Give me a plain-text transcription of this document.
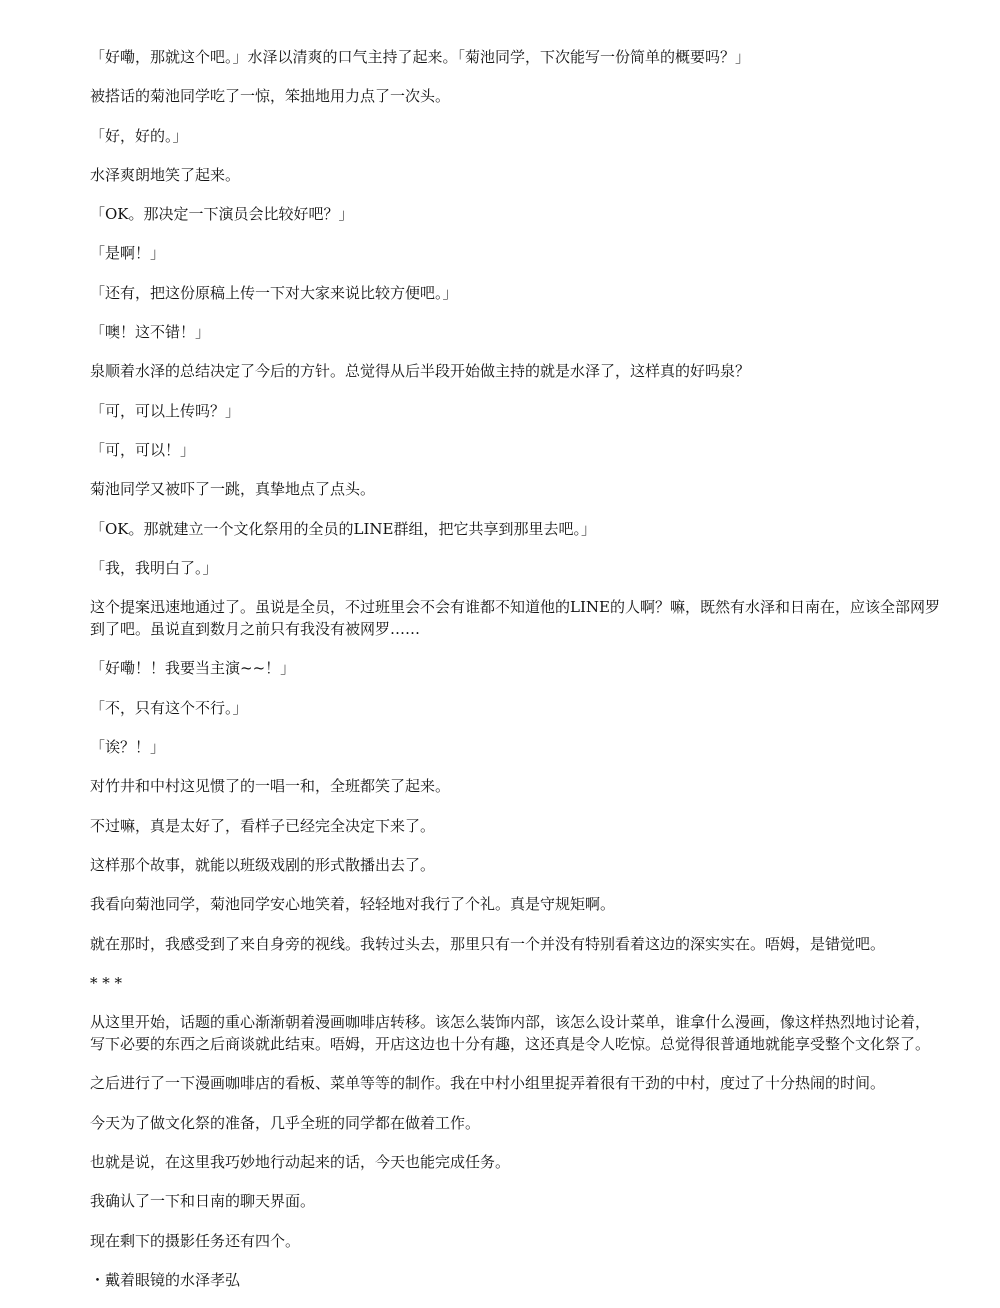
「好嘞，那就这个吧。」水泽以清爽的口气主持了起来。「菊池同学，下次能写一份简单的概要吗？」

被搭话的菊池同学吃了一惊，笨拙地用力点了一次头。

「好，好的。」

水泽爽朗地笑了起来。

「OK。那决定一下演员会比较好吧？」

「是啊！」

「还有，把这份原稿上传一下对大家来说比较方便吧。」

「噢！这不错！」

泉顺着水泽的总结决定了今后的方针。总觉得从后半段开始做主持的就是水泽了，这样真的好吗泉？

「可，可以上传吗？」

「可，可以！」

菊池同学又被吓了一跳，真挚地点了点头。

「OK。那就建立一个文化祭用的全员的LINE群组，把它共享到那里去吧。」

「我，我明白了。」

这个提案迅速地通过了。虽说是全员，不过班里会不会有谁都不知道他的LINE的人啊？嘛，既然有水泽和日南在，应该全部网罗到了吧。虽说直到数月之前只有我没有被网罗……

「好嘞！！我要当主演~~！」

「不，只有这个不行。」

「诶？！」

对竹井和中村这见惯了的一唱一和，全班都笑了起来。

不过嘛，真是太好了，看样子已经完全决定下来了。

这样那个故事，就能以班级戏剧的形式散播出去了。

我看向菊池同学，菊池同学安心地笑着，轻轻地对我行了个礼。真是守规矩啊。

就在那时，我感受到了来自身旁的视线。我转过头去，那里只有一个并没有特别看着这边的深实实在。唔姆，是错觉吧。

* * *

从这里开始，话题的重心渐渐朝着漫画咖啡店转移。该怎么装饰内部，该怎么设计菜单，谁拿什么漫画，像这样热烈地讨论着，写下必要的东西之后商谈就此结束。唔姆，开店这边也十分有趣，这还真是令人吃惊。总觉得很普通地就能享受整个文化祭了。

之后进行了一下漫画咖啡店的看板、菜单等等的制作。我在中村小组里捉弄着很有干劲的中村，度过了十分热闹的时间。

今天为了做文化祭的准备，几乎全班的同学都在做着工作。

也就是说，在这里我巧妙地行动起来的话，今天也能完成任务。

我确认了一下和日南的聊天界面。

现在剩下的摄影任务还有四个。

・戴着眼镜的水泽孝弘
